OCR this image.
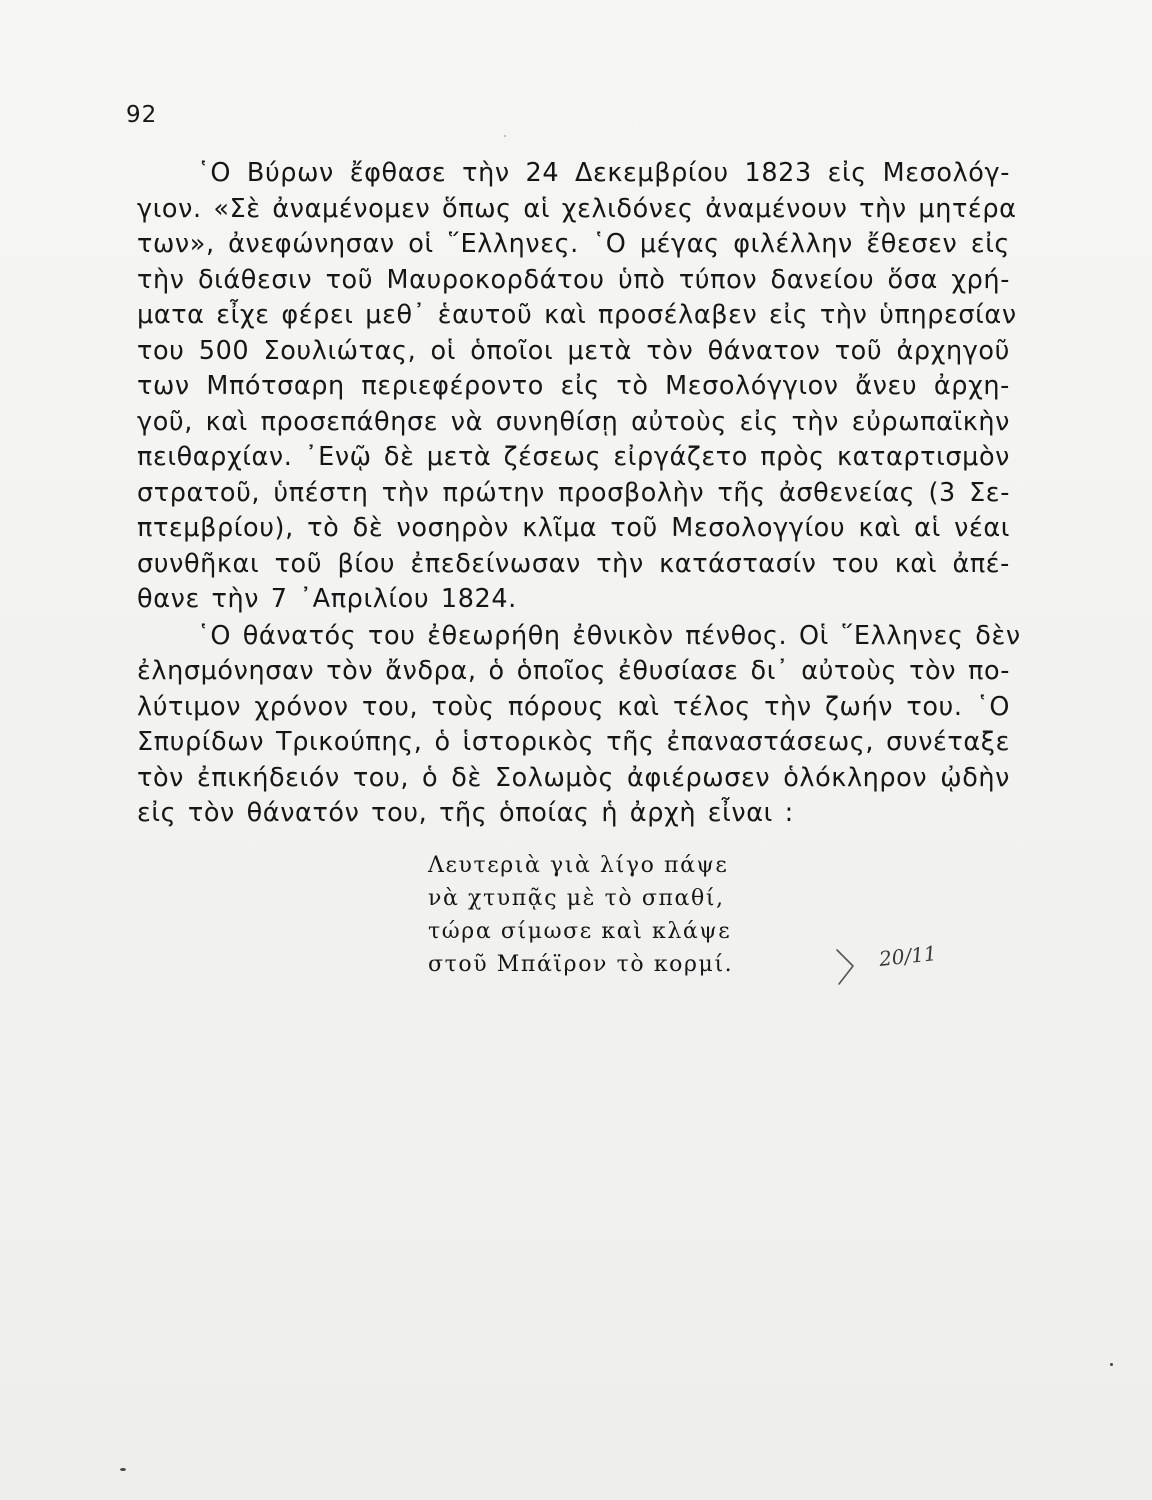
92
῾Ο Βύρων ἔφθασε τὴν 24 Δεκεμβρίου 1823 εἰς Μεσολόγ-
γιον. «Σὲ ἀναμένομεν ὅπως αἱ χελιδόνες ἀναμένουν τὴν μητέρα
των», ἀνεφώνησαν οἱ ῞Ελληνες. ῾Ο μέγας φιλέλλην ἔθεσεν εἰς
τὴν διάθεσιν τοῦ Μαυροκορδάτου ὑπὸ τύπον δανείου ὅσα χρή-
ματα εἶχε φέρει μεθ᾽ ἑαυτοῦ καὶ προσέλαβεν εἰς τὴν ὑπηρεσίαν
του 500 Σουλιώτας, οἱ ὁποῖοι μετὰ τὸν θάνατον τοῦ ἀρχηγοῦ
των Μπότσαρη περιεφέροντο εἰς τὸ Μεσολόγγιον ἄνευ ἀρχη-
γοῦ, καὶ προσεπάθησε νὰ συνηθίσῃ αὐτοὺς εἰς τὴν εὐρωπαϊκὴν
πειθαρχίαν. ᾿Ενῷ δὲ μετὰ ζέσεως εἰργάζετο πρὸς καταρτισμὸν
στρατοῦ, ὑπέστη τὴν πρώτην προσβολὴν τῆς ἀσθενείας (3 Σε-
πτεμβρίου), τὸ δὲ νοσηρὸν κλῖμα τοῦ Μεσολογγίου καὶ αἱ νέαι
συνθῆκαι τοῦ βίου ἐπεδείνωσαν τὴν κατάστασίν του καὶ ἀπέ-
θανε τὴν 7 ᾿Απριλίου 1824.
῾Ο θάνατός του ἐθεωρήθη ἐθνικὸν πένθος. Οἱ ῞Ελληνες δὲν
ἐλησμόνησαν τὸν ἄνδρα, ὁ ὁποῖος ἐθυσίασε δι᾽ αὐτοὺς τὸν πο-
λύτιμον χρόνον του, τοὺς πόρους καὶ τέλος τὴν ζωήν του. ῾Ο
Σπυρίδων Τρικούπης, ὁ ἱστορικὸς τῆς ἐπαναστάσεως, συνέταξε
τὸν ἐπικήδειόν του, ὁ δὲ Σολωμὸς ἀφιέρωσεν ὁλόκληρον ᾠδὴν
εἰς τὸν θάνατόν του, τῆς ὁποίας ἡ ἀρχὴ εἶναι :
Λευτεριὰ γιὰ λίγο πάψε
νὰ χτυπᾷς μὲ τὸ σπαθί,
τώρα σίμωσε καὶ κλάψε
στοῦ Μπάϊρον τὸ κορμί.	20/11
